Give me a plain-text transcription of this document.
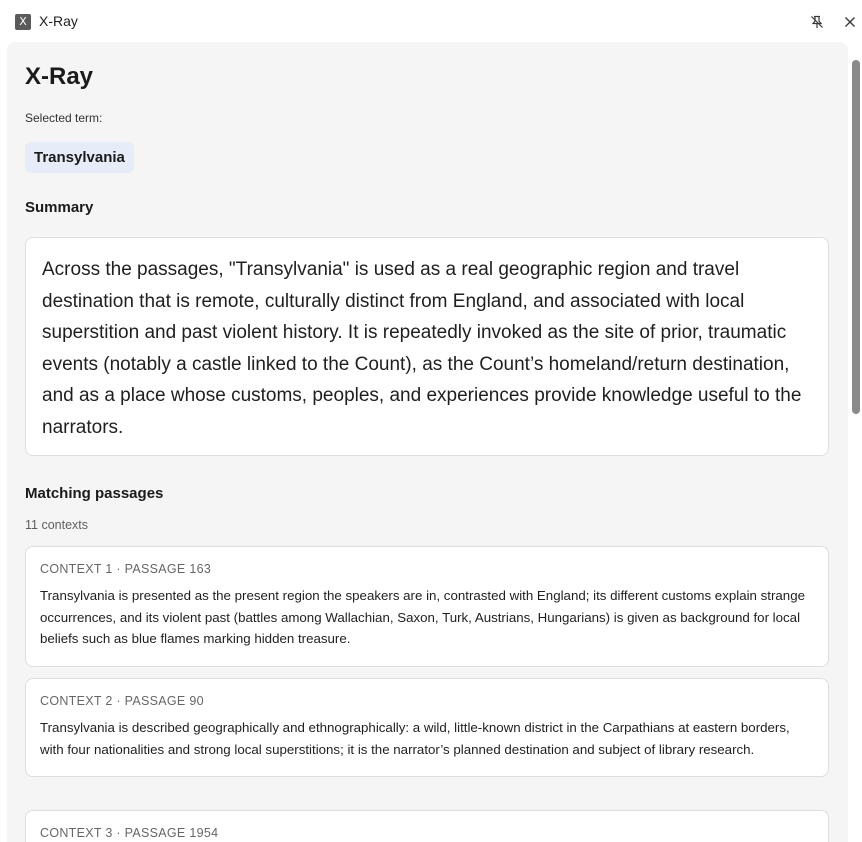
X X-Ray
X-Ray
Selected term:
Transylvania
Summary
Across the passages, "Transylvania" is used as a real geographic region and travel destination that is remote, culturally distinct from England, and associated with local superstition and past violent history. It is repeatedly invoked as the site of prior, traumatic events (notably a castle linked to the Count), as the Count’s homeland/return destination, and as a place whose customs, peoples, and experiences provide knowledge useful to the narrators.
Matching passages
11 contexts
CONTEXT 1 · PASSAGE 163
Transylvania is presented as the present region the speakers are in, contrasted with England; its different customs explain strange occurrences, and its violent past (battles among Wallachian, Saxon, Turk, Austrians, Hungarians) is given as background for local beliefs such as blue flames marking hidden treasure.
CONTEXT 2 · PASSAGE 90
Transylvania is described geographically and ethnographically: a wild, little-known district in the Carpathians at eastern borders, with four nationalities and strong local superstitions; it is the narrator’s planned destination and subject of library research.
CONTEXT 3 · PASSAGE 1954
